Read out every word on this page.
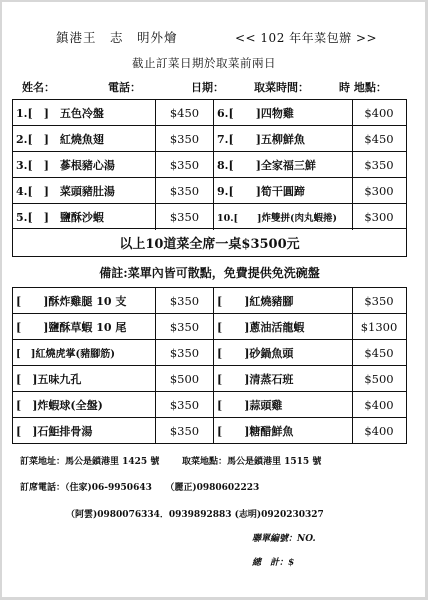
鎮港王　志　明外燴	<< 102 年年菜包辦 >>
截止訂菜日期於取菜前兩日
姓名：	電話：	日期：	取菜時間：	時 地點：
1.[　]　五色冷盤	$450	6.[　　]四物雞	$400
2.[　]　紅燒魚翅	$350	7.[　　]五柳鮮魚	$450
3.[　]　蔘根豬心湯	$350	8.[　　]全家福三鮮	$350
4.[　]　菜頭豬肚湯	$350	9.[　　]筍干圓蹄	$300
5.[　]　鹽酥沙蝦	$350	10.[　　]炸雙拼(肉丸蝦捲)	$300
以上10道菜全席一桌$3500元
備註:菜單內皆可散點，免費提供免洗碗盤
[　　]酥炸雞腿 10 支	$350	[　　]紅燒豬腳	$350
[　　]鹽酥草蝦 10 尾	$350	[　　]蔥油活龍蝦	$1300
[　]紅燒虎掌(豬腳筋)	$350	[　　]砂鍋魚頭	$450
[　]五味九孔	$500	[　　]清蒸石班	$500
[　]炸蝦球(全盤)	$350	[　　]蒜頭雞	$400
[　]石鮔排骨湯	$350	[　　]糖醋鮮魚	$400
訂菜地址：馬公是鎖港里 1425 號	取菜地點：馬公是鎖港里 1515 號
訂席電話：（住家)06-9950643　　（麗正)0980602223
（阿雲)0980076334．0939892883 (志明)0920230327
聯單編號：NO.
總　計：$
